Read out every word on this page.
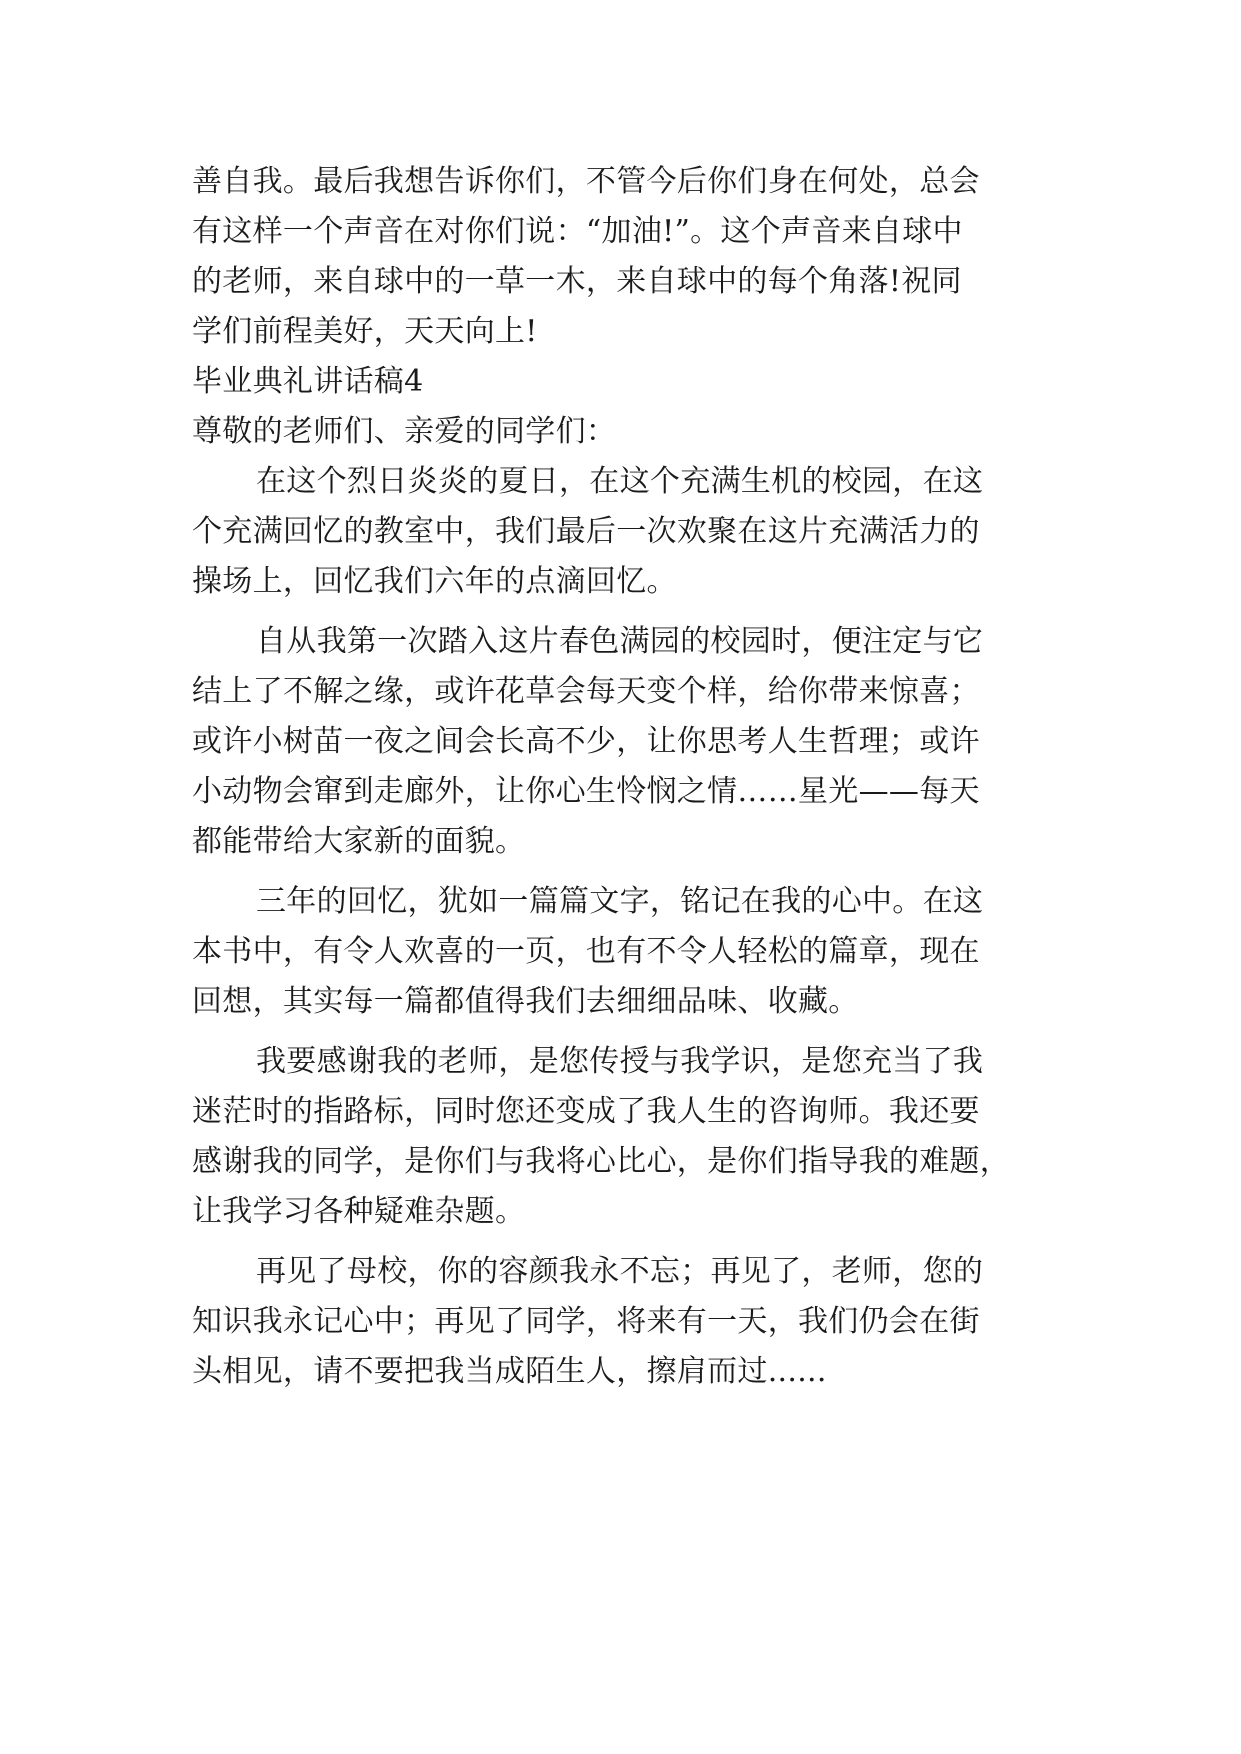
善自我。最后我想告诉你们，不管今后你们身在何处，总会

有这样一个声音在对你们说：“加油!”。这个声音来自球中

的老师，来自球中的一草一木，来自球中的每个角落!祝同

学们前程美好，天天向上!

毕业典礼讲话稿4

尊敬的老师们、亲爱的同学们：

在这个烈日炎炎的夏日，在这个充满生机的校园，在这

个充满回忆的教室中，我们最后一次欢聚在这片充满活力的

操场上，回忆我们六年的点滴回忆。

自从我第一次踏入这片春色满园的校园时，便注定与它

结上了不解之缘，或许花草会每天变个样，给你带来惊喜；

或许小树苗一夜之间会长高不少，让你思考人生哲理；或许

小动物会窜到走廊外，让你心生怜悯之情……星光——每天

都能带给大家新的面貌。

三年的回忆，犹如一篇篇文字，铭记在我的心中。在这

本书中，有令人欢喜的一页，也有不令人轻松的篇章，现在

回想，其实每一篇都值得我们去细细品味、收藏。

我要感谢我的老师，是您传授与我学识，是您充当了我

迷茫时的指路标，同时您还变成了我人生的咨询师。我还要

感谢我的同学，是你们与我将心比心，是你们指导我的难题，

让我学习各种疑难杂题。

再见了母校，你的容颜我永不忘；再见了，老师，您的

知识我永记心中；再见了同学，将来有一天，我们仍会在街

头相见，请不要把我当成陌生人，擦肩而过......
